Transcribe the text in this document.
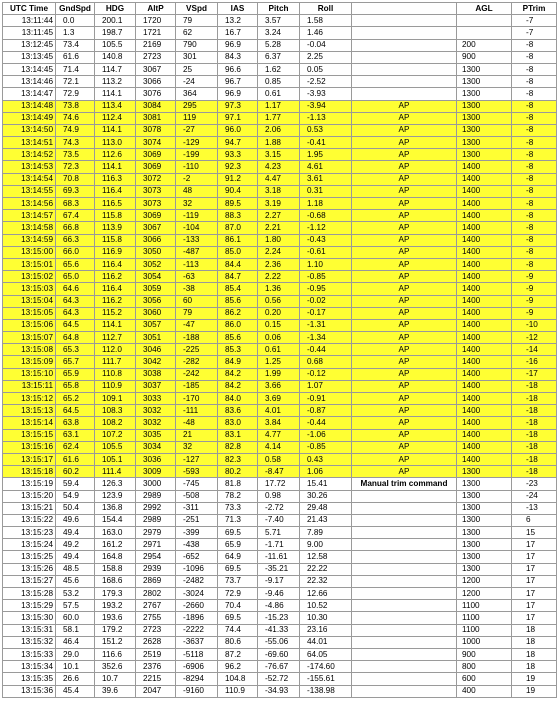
UTC Time	GndSpd	HDG	AltP	VSpd	IAS	Pitch	Roll		AGL	PTrim
13:11:44	0.0	200.1	1720	79	13.2	3.57	1.58			-7
13:11:45	1.3	198.7	1721	62	16.7	3.24	1.46			-7
13:12:45	73.4	105.5	2169	790	96.9	5.28	-0.04		200	-8
13:13:45	61.6	140.8	2723	301	84.3	6.37	2.25		900	-8
13:14:45	71.4	114.7	3067	25	96.6	1.62	0.05		1300	-8
13:14:46	72.1	113.2	3066	-24	96.7	0.85	-2.52		1300	-8
13:14:47	72.9	114.1	3076	364	96.9	0.61	-3.93		1300	-8
13:14:48	73.8	113.4	3084	295	97.3	1.17	-3.94	AP	1300	-8
13:14:49	74.6	112.4	3081	119	97.1	1.77	-1.13	AP	1300	-8
13:14:50	74.9	114.1	3078	-27	96.0	2.06	0.53	AP	1300	-8
13:14:51	74.3	113.0	3074	-129	94.7	1.88	-0.41	AP	1300	-8
13:14:52	73.5	112.6	3069	-199	93.3	3.15	1.95	AP	1300	-8
13:14:53	72.3	114.1	3069	-110	92.3	4.23	4.61	AP	1400	-8
13:14:54	70.8	116.3	3072	-2	91.2	4.47	3.61	AP	1400	-8
13:14:55	69.3	116.4	3073	48	90.4	3.18	0.31	AP	1400	-8
13:14:56	68.3	116.5	3073	32	89.5	3.19	1.18	AP	1400	-8
13:14:57	67.4	115.8	3069	-119	88.3	2.27	-0.68	AP	1400	-8
13:14:58	66.8	113.9	3067	-104	87.0	2.21	-1.12	AP	1400	-8
13:14:59	66.3	115.8	3066	-133	86.1	1.80	-0.43	AP	1400	-8
13:15:00	66.0	116.9	3050	-487	85.0	2.24	-0.61	AP	1400	-8
13:15:01	65.6	116.4	3052	-113	84.4	2.36	1.10	AP	1400	-8
13:15:02	65.0	116.2	3054	-63	84.7	2.22	-0.85	AP	1400	-9
13:15:03	64.6	116.4	3059	-38	85.4	1.36	-0.95	AP	1400	-9
13:15:04	64.3	116.2	3056	60	85.6	0.56	-0.02	AP	1400	-9
13:15:05	64.3	115.2	3060	79	86.2	0.20	-0.17	AP	1400	-9
13:15:06	64.5	114.1	3057	-47	86.0	0.15	-1.31	AP	1400	-10
13:15:07	64.8	112.7	3051	-188	85.6	0.06	-1.34	AP	1400	-12
13:15:08	65.3	112.0	3046	-225	85.3	0.61	-0.44	AP	1400	-14
13:15:09	65.7	111.7	3042	-282	84.9	1.25	0.68	AP	1400	-16
13:15:10	65.9	110.8	3038	-242	84.2	1.99	-0.12	AP	1400	-17
13:15:11	65.8	110.9	3037	-185	84.2	3.66	1.07	AP	1400	-18
13:15:12	65.2	109.1	3033	-170	84.0	3.69	-0.91	AP	1400	-18
13:15:13	64.5	108.3	3032	-111	83.6	4.01	-0.87	AP	1400	-18
13:15:14	63.8	108.2	3032	-48	83.0	3.84	-0.44	AP	1400	-18
13:15:15	63.1	107.2	3035	21	83.1	4.77	-1.06	AP	1400	-18
13:15:16	62.4	105.5	3034	32	82.8	4.14	-0.85	AP	1400	-18
13:15:17	61.6	105.1	3036	-127	82.3	0.58	0.43	AP	1400	-18
13:15:18	60.2	111.4	3009	-593	80.2	-8.47	1.06	AP	1300	-18
13:15:19	59.4	126.3	3000	-745	81.8	17.72	15.41	Manual trim command	1300	-23
13:15:20	54.9	123.9	2989	-508	78.2	0.98	30.26		1300	-24
13:15:21	50.4	136.8	2992	-311	73.3	-2.72	29.48		1300	-13
13:15:22	49.6	154.4	2989	-251	71.3	-7.40	21.43		1300	6
13:15:23	49.4	163.0	2979	-399	69.5	5.71	7.89		1300	15
13:15:24	49.2	161.2	2971	-438	65.9	-1.71	9.00		1300	17
13:15:25	49.4	164.8	2954	-652	64.9	-11.61	12.58		1300	17
13:15:26	48.5	158.8	2939	-1096	69.5	-35.21	22.22		1300	17
13:15:27	45.6	168.6	2869	-2482	73.7	-9.17	22.32		1200	17
13:15:28	53.2	179.3	2802	-3024	72.9	-9.46	12.66		1200	17
13:15:29	57.5	193.2	2767	-2660	70.4	-4.86	10.52		1100	17
13:15:30	60.0	193.6	2755	-1896	69.5	-15.23	10.30		1100	17
13:15:31	58.1	179.2	2723	-2222	74.4	-41.33	23.16		1100	18
13:15:32	46.4	151.2	2628	-3637	80.6	-55.06	44.01		1000	18
13:15:33	29.0	116.6	2519	-5118	87.2	-69.60	64.05		900	18
13:15:34	10.1	352.6	2376	-6906	96.2	-76.67	-174.60		800	18
13:15:35	26.6	10.7	2215	-8294	104.8	-52.72	-155.61		600	19
13:15:36	45.4	39.6	2047	-9160	110.9	-34.93	-138.98		400	19
